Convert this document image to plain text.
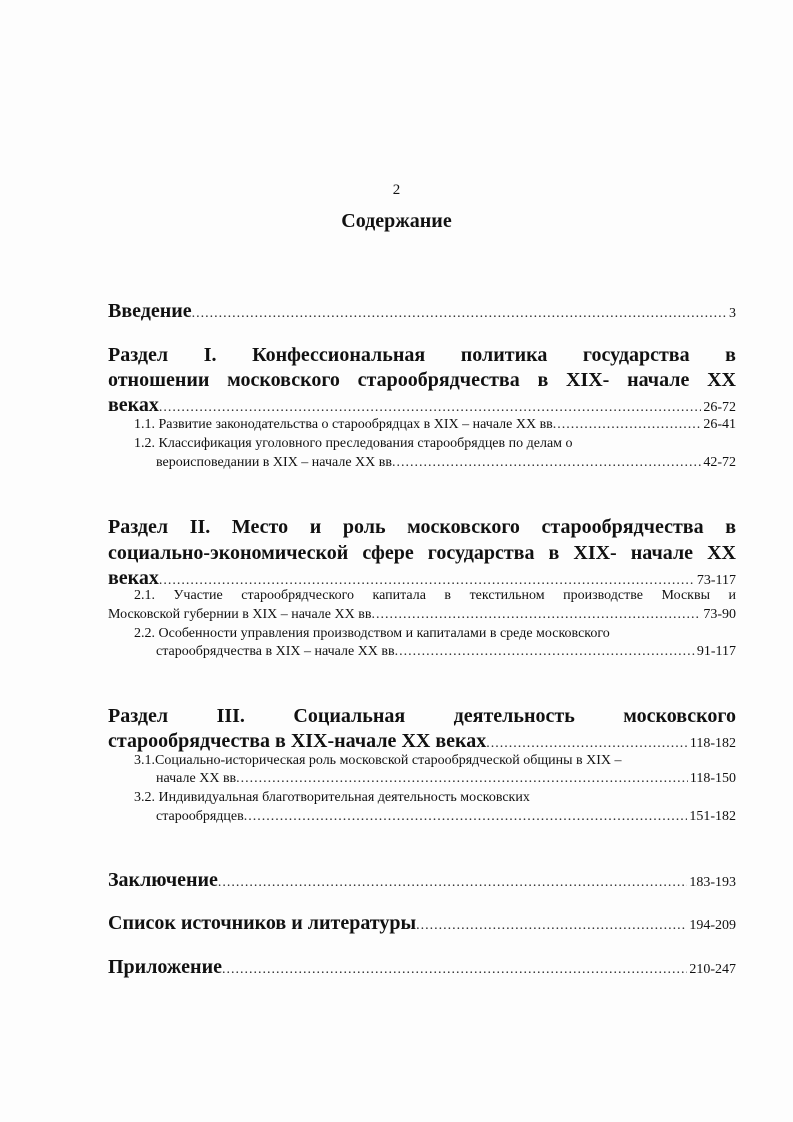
2
Содержание
Введение .....	3
Раздел I. Конфессиональная политика государства в
отношении московского старообрядчества в XIX- начале XX
веках .....	26-72
1.1. Развитие законодательства о старообрядцах в XIX – начале XX вв .....	26-41
1.2. Классификация уголовного преследования старообрядцев по делам о
вероисповедании в XIX – начале XX вв .....	42-72
Раздел II. Место и роль московского старообрядчества в
социально-экономической сфере государства в XIX- начале XX
веках .....	73-117
2.1. Участие старообрядческого капитала в текстильном производстве Москвы и
Московской губернии в XIX – начале XX вв .....	73-90
2.2. Особенности управления производством и капиталами в среде московского
старообрядчества в XIX – начале XX вв .....	91-117
Раздел III. Социальная деятельность московского
старообрядчества в XIX-начале XX веках .....	118-182
3.1.Социально-историческая роль московской старообрядческой общины в XIX –
начале XX вв .....	118-150
3.2. Индивидуальная благотворительная деятельность московских
старообрядцев .....	151-182
Заключение .....	183-193
Список источников и литературы .....	194-209
Приложение .....	210-247
